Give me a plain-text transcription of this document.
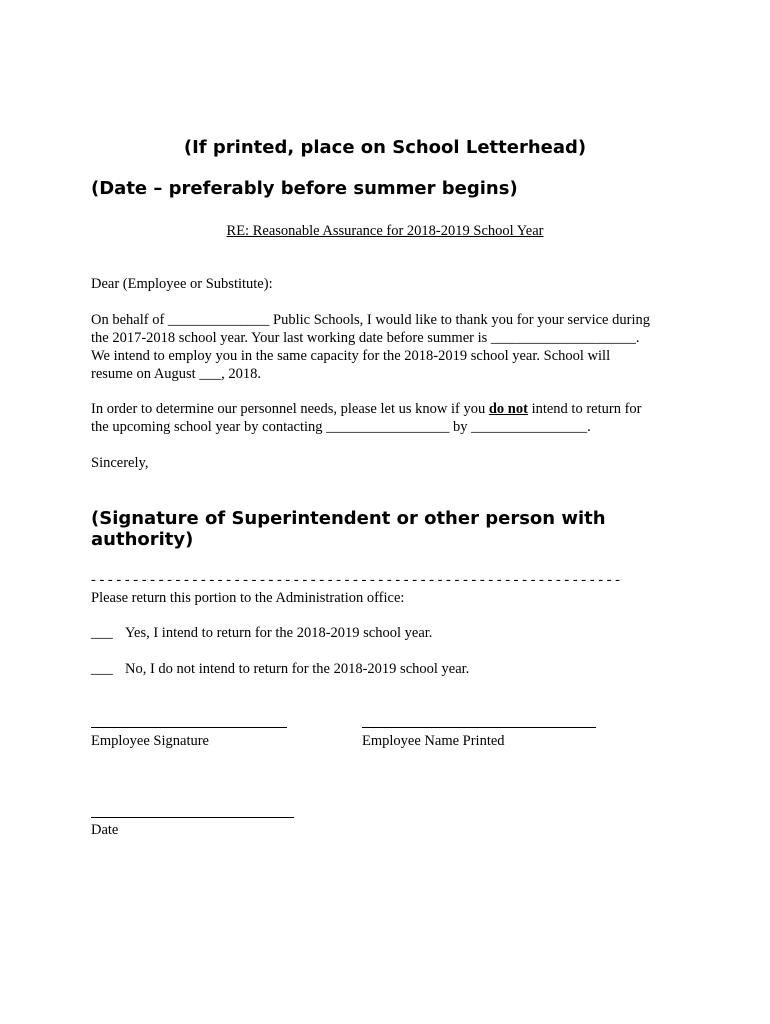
(If printed, place on School Letterhead)
(Date – preferably before summer begins)

RE: Reasonable Assurance for 2018-2019 School Year

Dear (Employee or Substitute):

On behalf of ______________ Public Schools, I would like to thank you for your service during

the 2017-2018 school year. Your last working date before summer is ____________________.

We intend to employ you in the same capacity for the 2018-2019 school year. School will

resume on August ___, 2018.

In order to determine our personnel needs, please let us know if you do not intend to return for

the upcoming school year by contacting _________________ by ________________.

Sincerely,

(Signature of Superintendent or other person with
authority)

- - - - - - - - - - - - - - - - - - - - - - - - - - - - - - - - - - - - - - - - - - - - - - - - - - - - - - - - - - - - - - -

Please return this portion to the Administration office:

___ Yes, I intend to return for the 2018-2019 school year.

___ No, I do not intend to return for the 2018-2019 school year.

Employee Signature	Employee Name Printed

Date
